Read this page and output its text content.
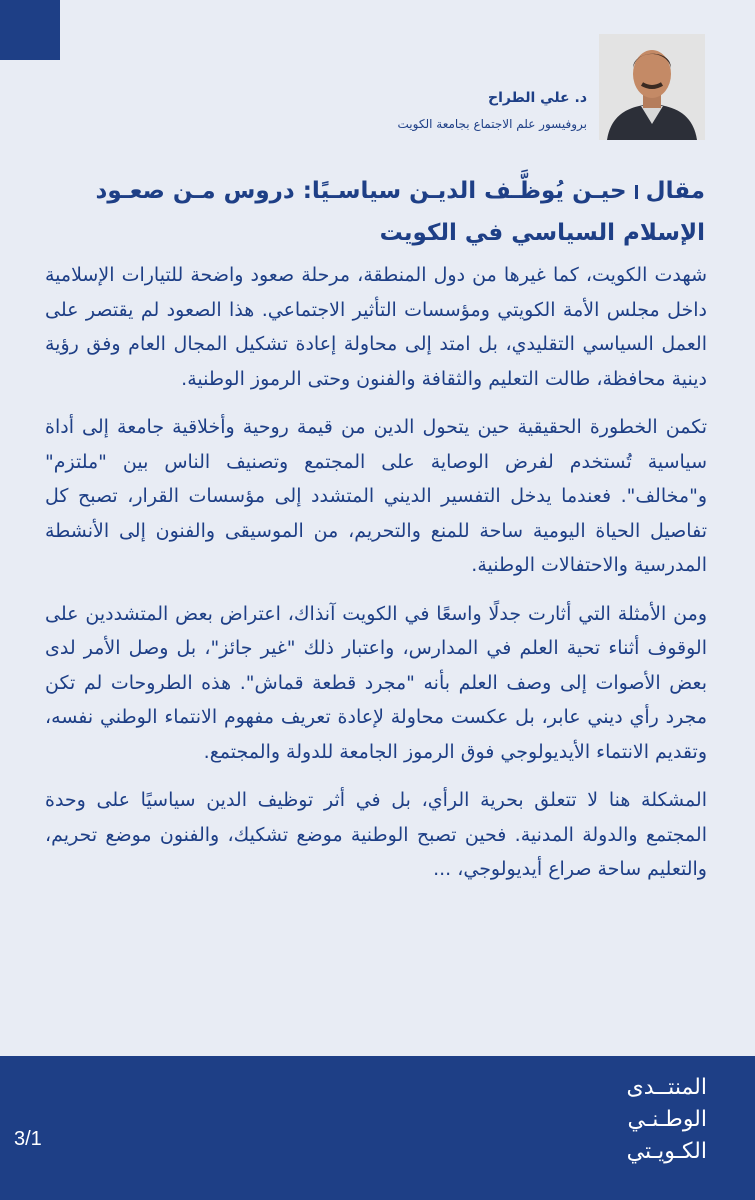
د. علي الطراح
بروفيسور علم الاجتماع بجامعة الكويت
مقالحيـن يُوظَّـف الديـن سياسـيًا: دروس مـن صعـود الإسلام السياسي في الكويت

شهدت الكويت، كما غيرها من دول المنطقة، مرحلة صعود واضحة للتيارات الإسلامية داخل مجلس الأمة الكويتي ومؤسسات التأثير الاجتماعي. هذا الصعود لم يقتصر على العمل السياسي التقليدي، بل امتد إلى محاولة إعادة تشكيل المجال العام وفق رؤية دينية محافظة، طالت التعليم والثقافة والفنون وحتى الرموز الوطنية.

تكمن الخطورة الحقيقية حين يتحول الدين من قيمة روحية وأخلاقية جامعة إلى أداة سياسية تُستخدم لفرض الوصاية على المجتمع وتصنيف الناس بين "ملتزم" و"مخالف". فعندما يدخل التفسير الديني المتشدد إلى مؤسسات القرار، تصبح كل تفاصيل الحياة اليومية ساحة للمنع والتحريم، من الموسيقى والفنون إلى الأنشطة المدرسية والاحتفالات الوطنية.

ومن الأمثلة التي أثارت جدلًا واسعًا في الكويت آنذاك، اعتراض بعض المتشددين على الوقوف أثناء تحية العلم في المدارس، واعتبار ذلك "غير جائز"، بل وصل الأمر لدى بعض الأصوات إلى وصف العلم بأنه "مجرد قطعة قماش". هذه الطروحات لم تكن مجرد رأي ديني عابر، بل عكست محاولة لإعادة تعريف مفهوم الانتماء الوطني نفسه، وتقديم الانتماء الأيديولوجي فوق الرموز الجامعة للدولة والمجتمع.

المشكلة هنا لا تتعلق بحرية الرأي، بل في أثر توظيف الدين سياسيًا على وحدة المجتمع والدولة المدنية. فحين تصبح الوطنية موضع تشكيك، والفنون موضع تحريم، والتعليم ساحة صراع أيديولوجي، ...

3/1
المنتــدى
الوطـنـي
الكـويـتي
